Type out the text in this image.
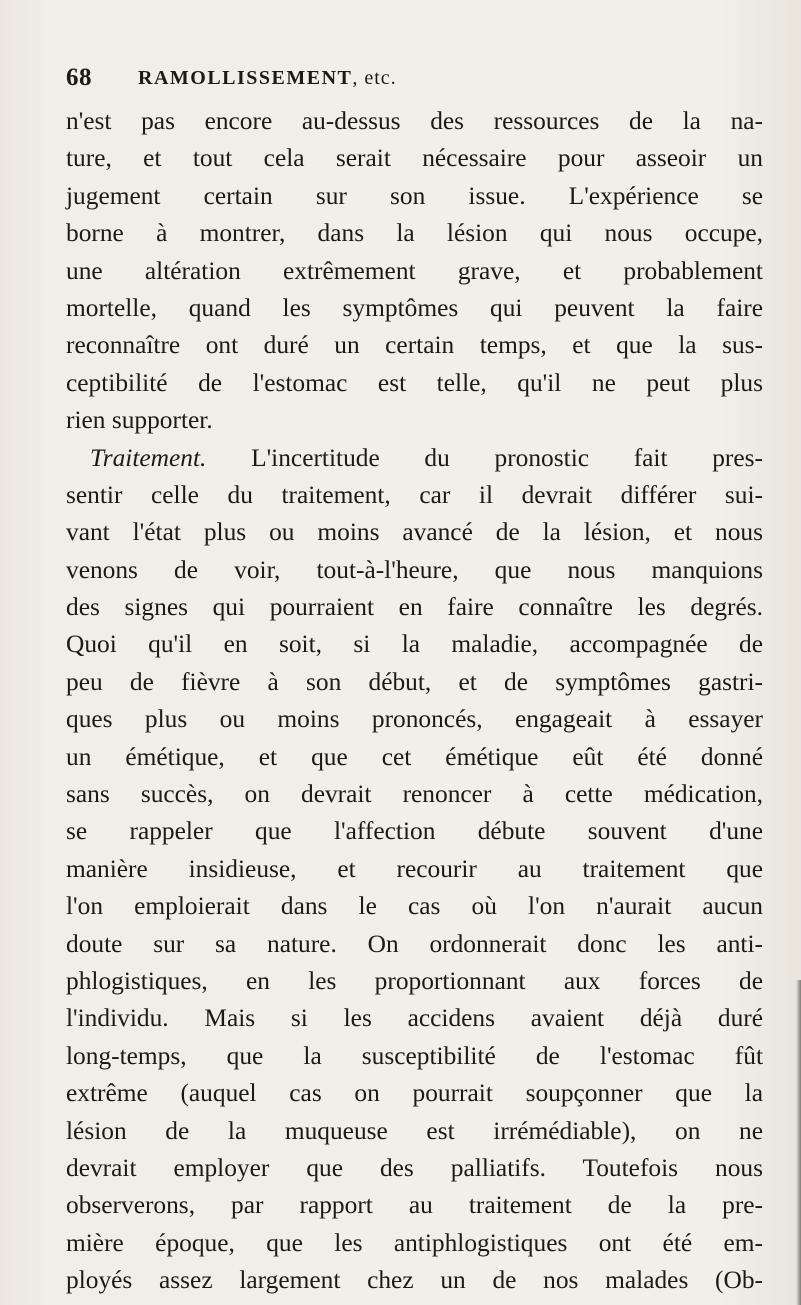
68 RAMOLLISSEMENT, etc.
n'est pas encore au-dessus des ressources de la na-
ture, et tout cela serait nécessaire pour asseoir un
jugement certain sur son issue. L'expérience se
borne à montrer, dans la lésion qui nous occupe,
une altération extrêmement grave, et probablement
mortelle, quand les symptômes qui peuvent la faire
reconnaître ont duré un certain temps, et que la sus-
ceptibilité de l'estomac est telle, qu'il ne peut plus
rien supporter.
Traitement. L'incertitude du pronostic fait pres-
sentir celle du traitement, car il devrait différer sui-
vant l'état plus ou moins avancé de la lésion, et nous
venons de voir, tout-à-l'heure, que nous manquions
des signes qui pourraient en faire connaître les degrés.
Quoi qu'il en soit, si la maladie, accompagnée de
peu de fièvre à son début, et de symptômes gastri-
ques plus ou moins prononcés, engageait à essayer
un émétique, et que cet émétique eût été donné
sans succès, on devrait renoncer à cette médication,
se rappeler que l'affection débute souvent d'une
manière insidieuse, et recourir au traitement que
l'on emploierait dans le cas où l'on n'aurait aucun
doute sur sa nature. On ordonnerait donc les anti-
phlogistiques, en les proportionnant aux forces de
l'individu. Mais si les accidens avaient déjà duré
long-temps, que la susceptibilité de l'estomac fût
extrême (auquel cas on pourrait soupçonner que la
lésion de la muqueuse est irrémédiable), on ne
devrait employer que des palliatifs. Toutefois nous
observerons, par rapport au traitement de la pre-
mière époque, que les antiphlogistiques ont été em-
ployés assez largement chez un de nos malades (Ob-
